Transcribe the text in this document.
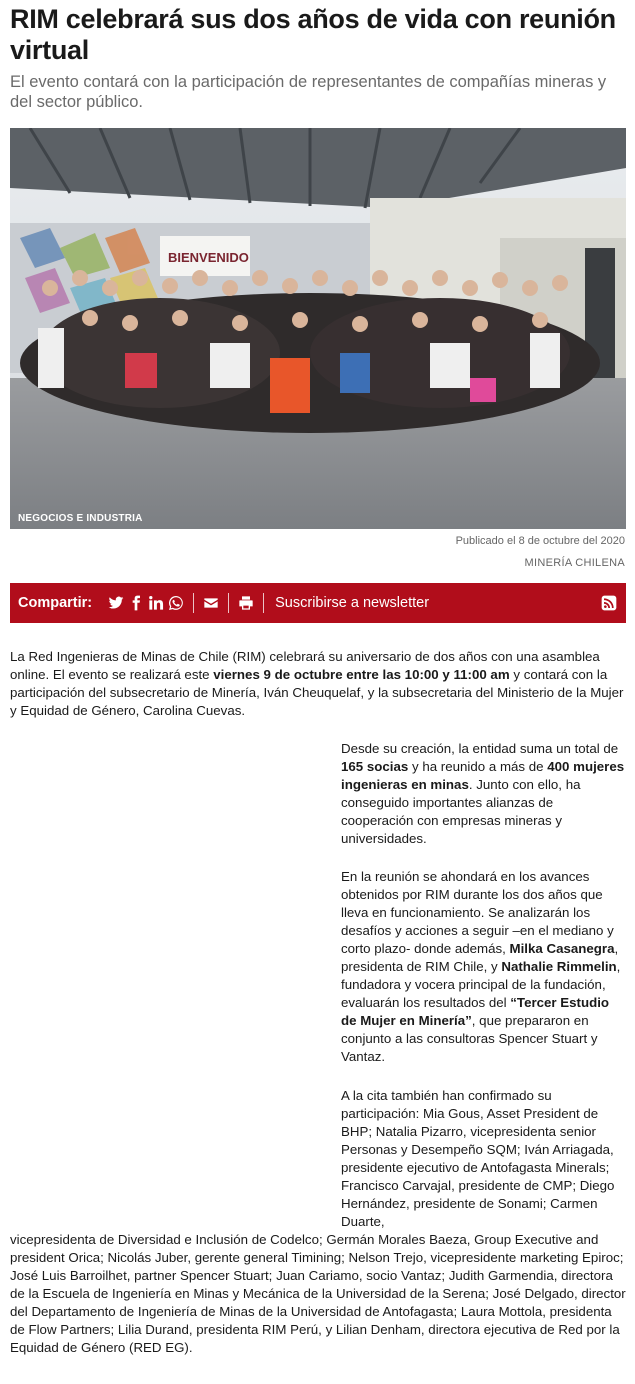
RIM celebrará sus dos años de vida con reunión virtual

El evento contará con la participación de representantes de compañías mineras y del sector público.

BIENVENIDO
NEGOCIOS E INDUSTRIA
Publicado el 8 de octubre del 2020
MINERÍA CHILENA
Compartir:	Suscribirse a newsletter

La Red Ingenieras de Minas de Chile (RIM) celebrará su aniversario de dos años con una asamblea online. El evento se realizará este viernes 9 de octubre entre las 10:00 y 11:00 am y contará con la participación del subsecretario de Minería, Iván Cheuquelaf, y la subsecretaria del Ministerio de la Mujer y Equidad de Género, Carolina Cuevas.

Desde su creación, la entidad suma un total de 165 socias y ha reunido a más de 400 mujeres ingenieras en minas. Junto con ello, ha conseguido importantes alianzas de cooperación con empresas mineras y universidades.

En la reunión se ahondará en los avances obtenidos por RIM durante los dos años que lleva en funcionamiento. Se analizarán los desafíos y acciones a seguir –en el mediano y corto plazo- donde además, Milka Casanegra, presidenta de RIM Chile, y Nathalie Rimmelin, fundadora y vocera principal de la fundación, evaluarán los resultados del “Tercer Estudio de Mujer en Minería”, que prepararon en conjunto a las consultoras Spencer Stuart y Vantaz.

A la cita también han confirmado su participación: Mia Gous, Asset President de BHP; Natalia Pizarro, vicepresidenta senior Personas y Desempeño SQM; Iván Arriagada, presidente ejecutivo de Antofagasta Minerals; Francisco Carvajal, presidente de CMP; Diego Hernández, presidente de Sonami; Carmen Duarte,

vicepresidenta de Diversidad e Inclusión de Codelco; Germán Morales Baeza, Group Executive and president Orica; Nicolás Juber, gerente general Timining; Nelson Trejo, vicepresidente marketing Epiroc; José Luis Barroilhet, partner Spencer Stuart; Juan Cariamo, socio Vantaz; Judith Garmendia, directora de la Escuela de Ingeniería en Minas y Mecánica de la Universidad de la Serena; José Delgado, director del Departamento de Ingeniería de Minas de la Universidad de Antofagasta; Laura Mottola, presidenta de Flow Partners; Lilia Durand, presidenta RIM Perú, y Lilian Denham, directora ejecutiva de Red por la Equidad de Género (RED EG).
